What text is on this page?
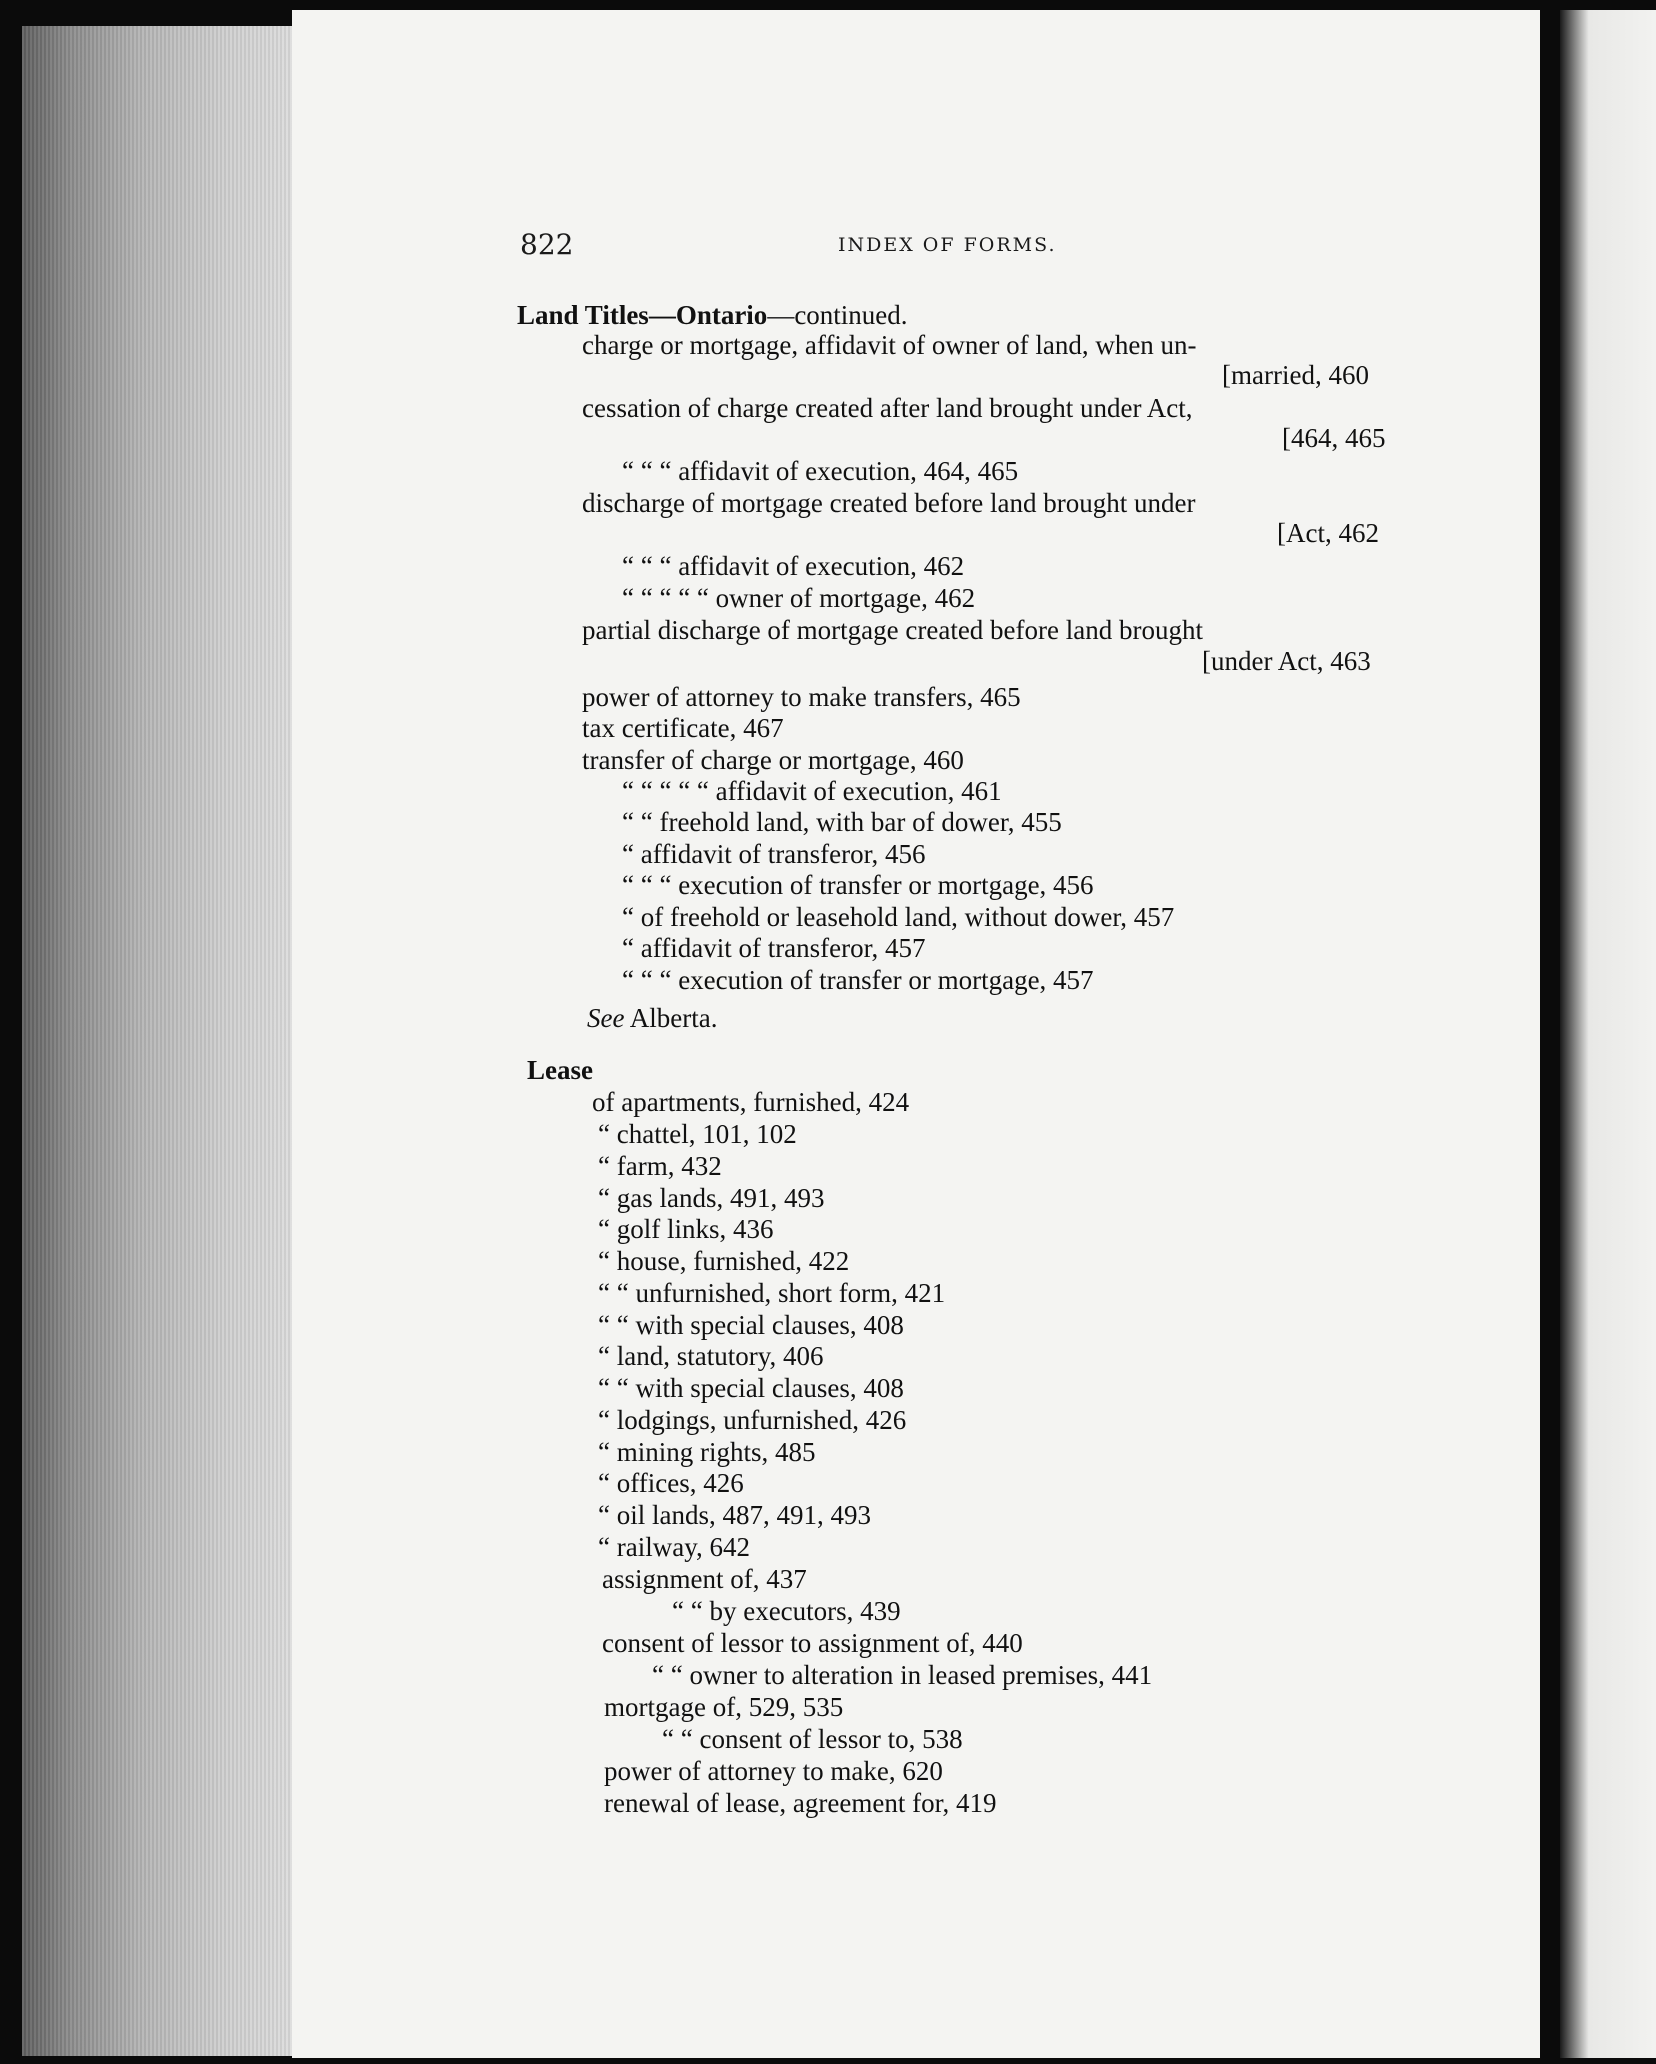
Land Titles—Ontario—continued.
charge or mortgage, affidavit of owner of land, when un-
[married, 460
cessation of charge created after land brought under Act,
[464, 465
“ “ “ affidavit of execution, 464, 465
discharge of mortgage created before land brought under
[Act, 462
“ “ “ affidavit of execution, 462
“ “ “ “ “ owner of mortgage, 462
partial discharge of mortgage created before land brought
[under Act, 463
power of attorney to make transfers, 465
tax certificate, 467
transfer of charge or mortgage, 460
“ “ “ “ “ affidavit of execution, 461
“ “ freehold land, with bar of dower, 455
“ affidavit of transferor, 456
“ “ “ execution of transfer or mortgage, 456
“ of freehold or leasehold land, without dower, 457
“ affidavit of transferor, 457
“ “ “ execution of transfer or mortgage, 457
See Alberta.
Lease
of apartments, furnished, 424
“ chattel, 101, 102
“ farm, 432
“ gas lands, 491, 493
“ golf links, 436
“ house, furnished, 422
“ “ unfurnished, short form, 421
“ “ with special clauses, 408
“ land, statutory, 406
“ “ with special clauses, 408
“ lodgings, unfurnished, 426
“ mining rights, 485
“ offices, 426
“ oil lands, 487, 491, 493
“ railway, 642
assignment of, 437
“ “ by executors, 439
consent of lessor to assignment of, 440
“ “ owner to alteration in leased premises, 441
mortgage of, 529, 535
“ “ consent of lessor to, 538
power of attorney to make, 620
renewal of lease, agreement for, 419
822	INDEX OF FORMS.
